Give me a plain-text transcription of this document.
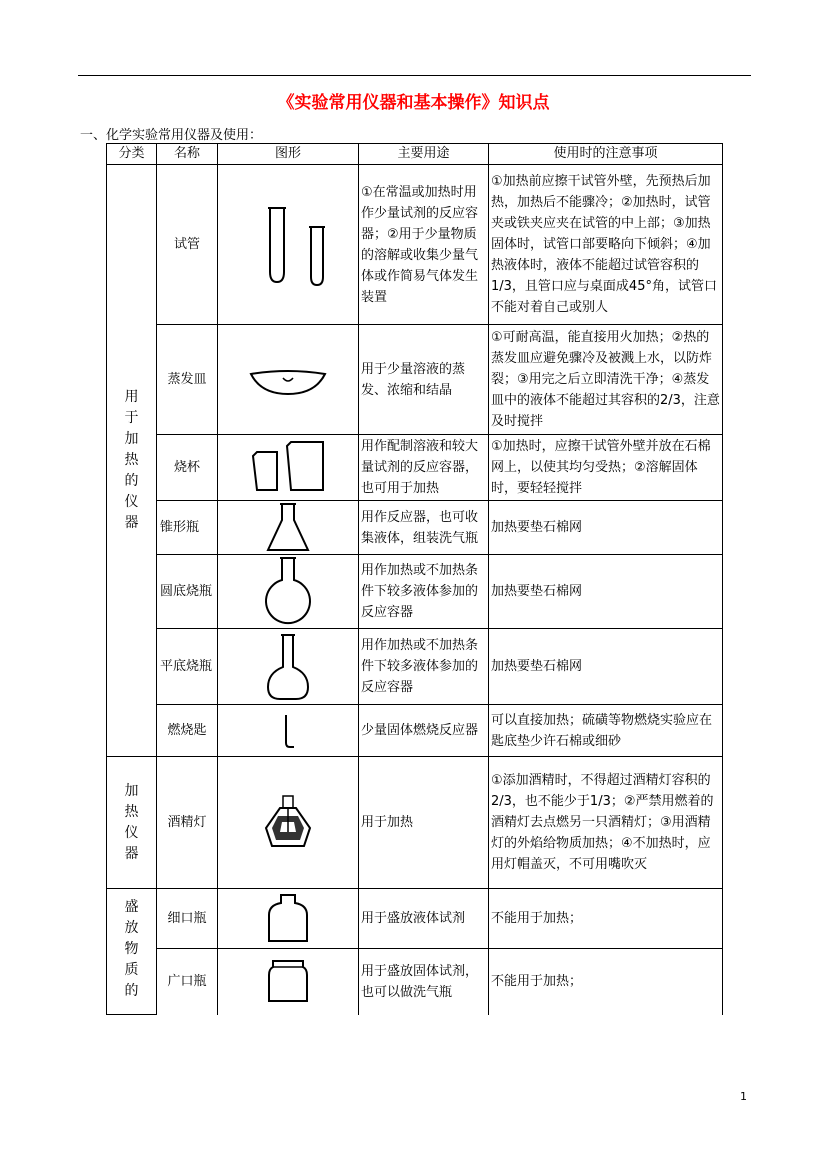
《实验常用仪器和基本操作》知识点
一、化学实验常用仪器及使用：
分类	名称	图形	主要用途	使用时的注意事项

用于加热的仪器	试管		①在常温或加热时用作少量试剂的反应容器；②用于少量物质的溶解或收集少量气体或作简易气体发生装置	①加热前应擦干试管外壁，先预热后加热，加热后不能骤冷；②加热时，试管夹或铁夹应夹在试管的中上部；③加热固体时，试管口部要略向下倾斜；④加热液体时，液体不能超过试管容积的1/3，且管口应与桌面成45°角，试管口不能对着自己或别人
	蒸发皿		用于少量溶液的蒸发、浓缩和结晶	①可耐高温，能直接用火加热；②热的蒸发皿应避免骤冷及被溅上水，以防炸裂；③用完之后立即清洗干净；④蒸发皿中的液体不能超过其容积的2/3，注意及时搅拌
	烧杯		用作配制溶液和较大量试剂的反应容器，也可用于加热	①加热时，应擦干试管外壁并放在石棉网上，以使其均匀受热；②溶解固体时，要轻轻搅拌
	锥形瓶		用作反应器，也可收集液体，组装洗气瓶	加热要垫石棉网
	圆底烧瓶		用作加热或不加热条件下较多液体参加的反应容器	加热要垫石棉网
	平底烧瓶		用作加热或不加热条件下较多液体参加的反应容器	加热要垫石棉网
	燃烧匙		少量固体燃烧反应器	可以直接加热；硫磺等物燃烧实验应在匙底垫少许石棉或细砂

加热仪器	酒精灯		用于加热	①添加酒精时，不得超过酒精灯容积的2/3，也不能少于1/3；②严禁用燃着的酒精灯去点燃另一只酒精灯；③用酒精灯的外焰给物质加热；④不加热时，应用灯帽盖灭，不可用嘴吹灭

盛放物质的	细口瓶		用于盛放液体试剂	不能用于加热；
	广口瓶		用于盛放固体试剂，也可以做洗气瓶	不能用于加热；
1
